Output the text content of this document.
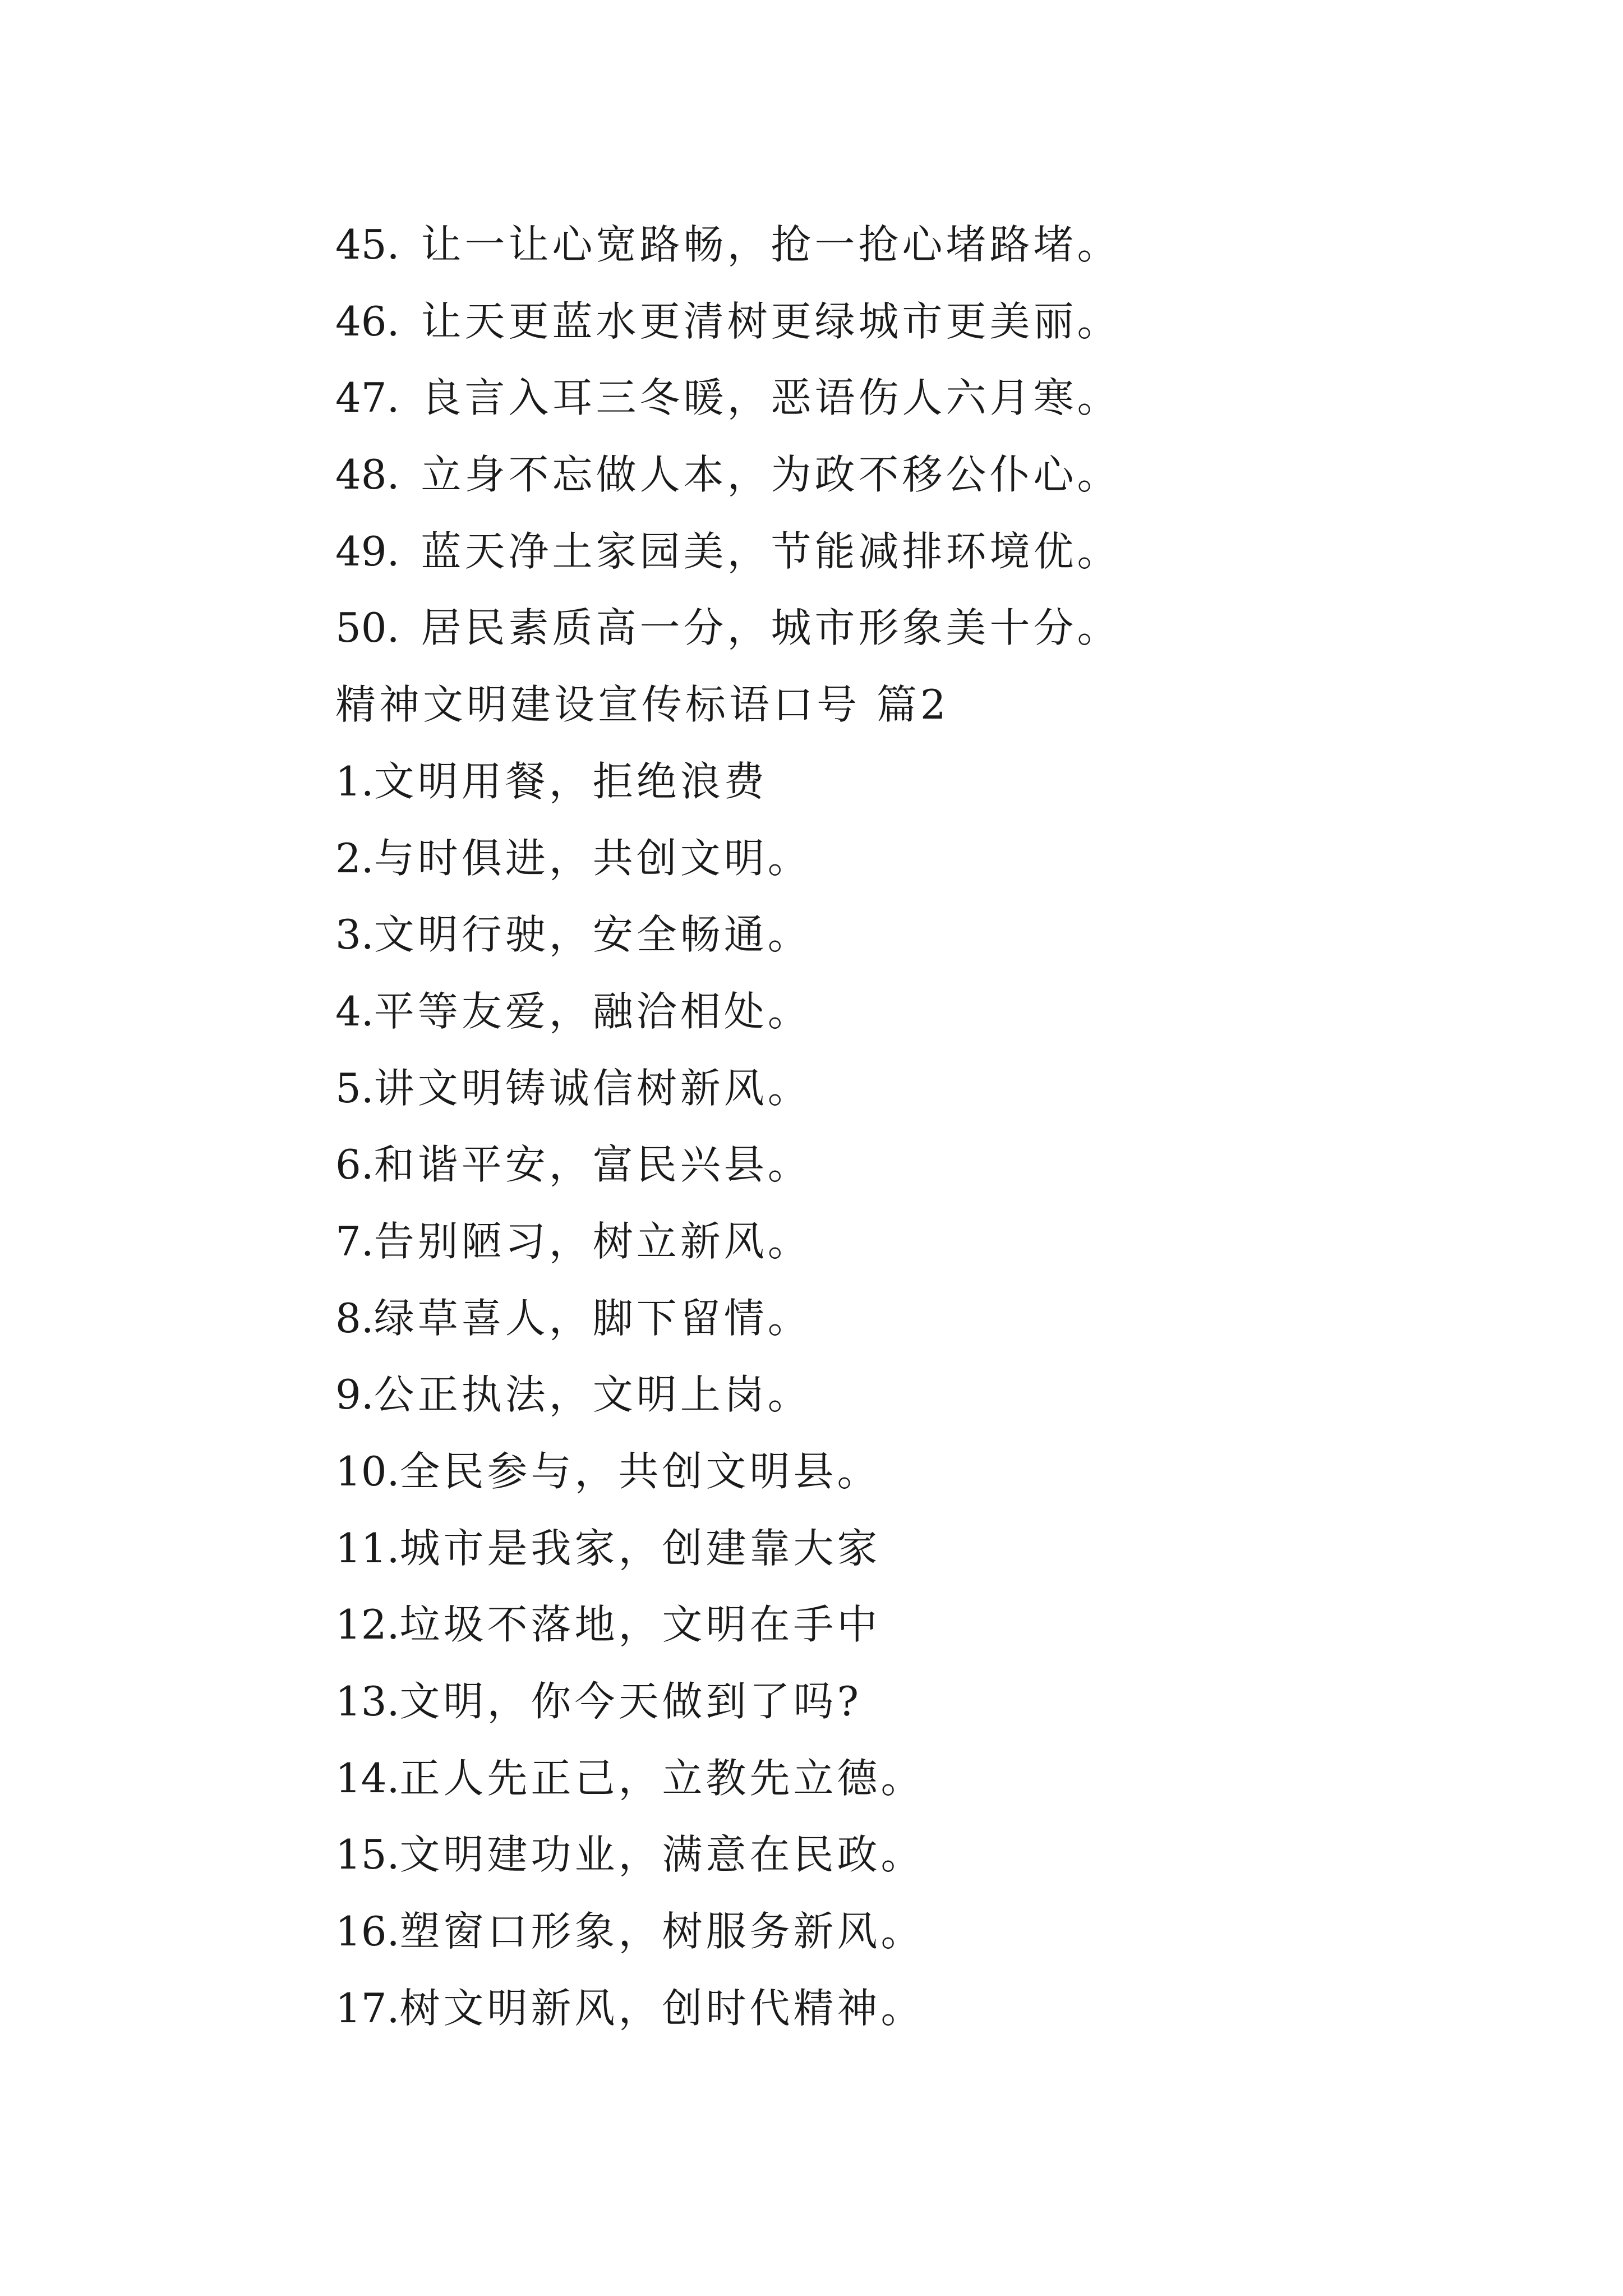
45. 让一让心宽路畅，抢一抢心堵路堵。
46. 让天更蓝水更清树更绿城市更美丽。
47. 良言入耳三冬暖，恶语伤人六月寒。
48. 立身不忘做人本，为政不移公仆心。
49. 蓝天净土家园美，节能减排环境优。
50. 居民素质高一分，城市形象美十分。
精神文明建设宣传标语口号 篇2
1.文明用餐，拒绝浪费
2.与时俱进，共创文明。
3.文明行驶，安全畅通。
4.平等友爱，融洽相处。
5.讲文明铸诚信树新风。
6.和谐平安，富民兴县。
7.告别陋习，树立新风。
8.绿草喜人，脚下留情。
9.公正执法，文明上岗。
10.全民参与，共创文明县。
11.城市是我家，创建靠大家
12.垃圾不落地，文明在手中
13.文明，你今天做到了吗?
14.正人先正己，立教先立德。
15.文明建功业，满意在民政。
16.塑窗口形象，树服务新风。
17.树文明新风，创时代精神。
